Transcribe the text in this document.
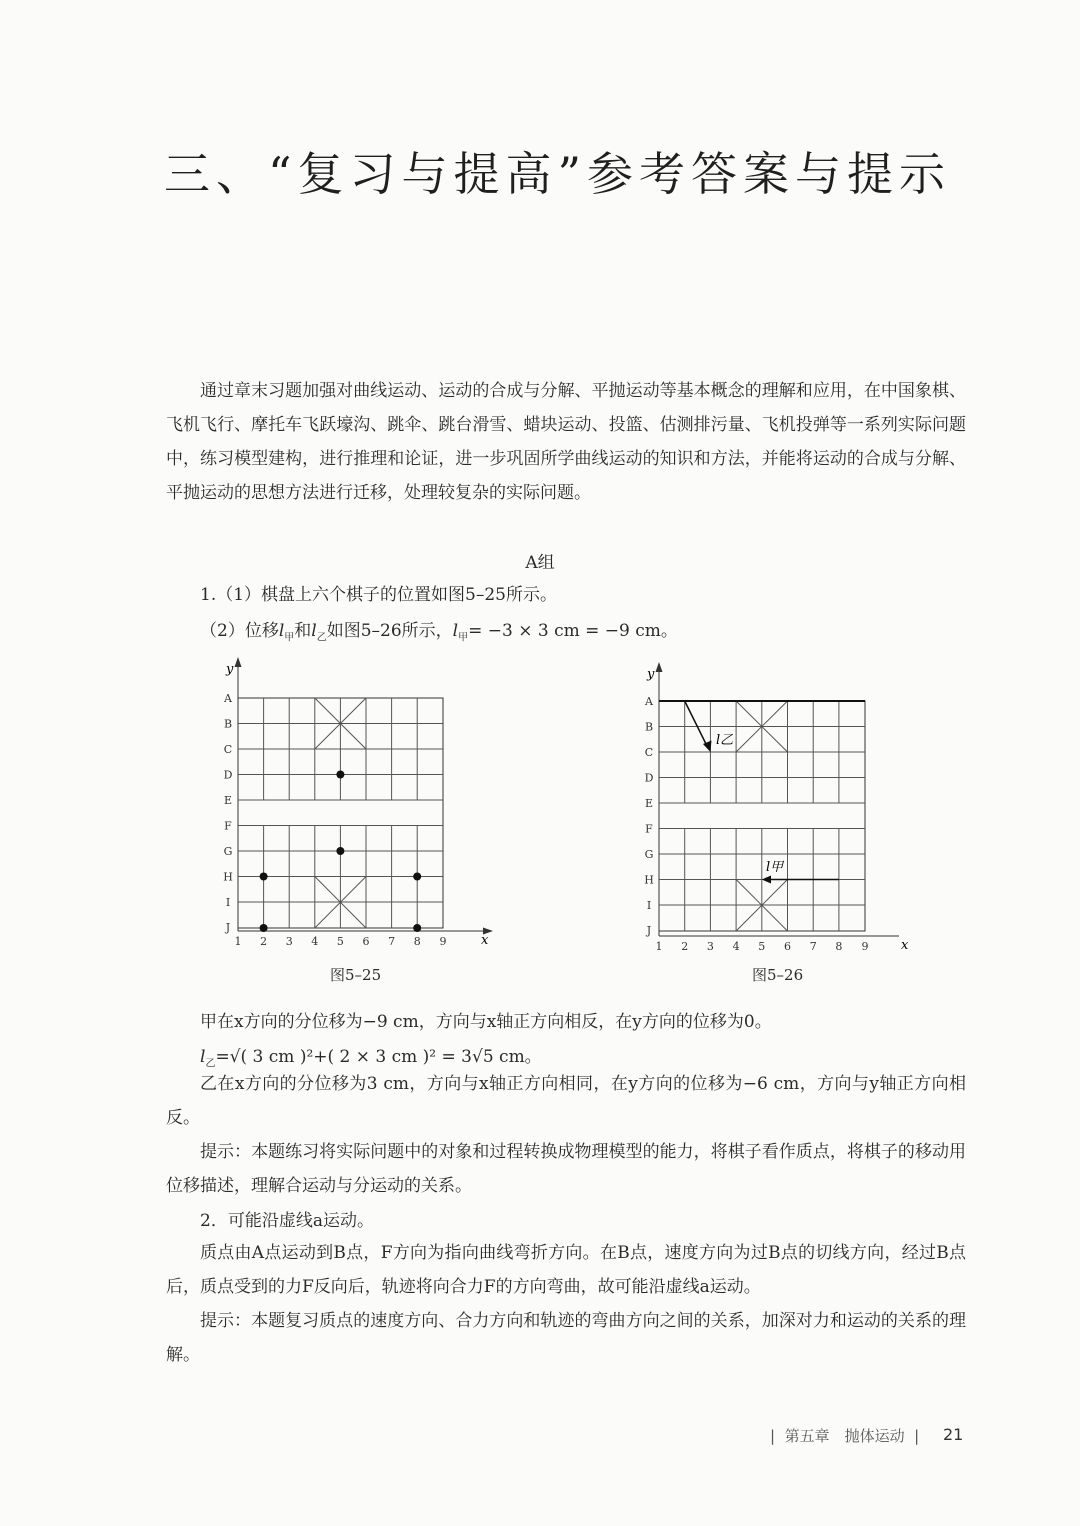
三、“复习与提高”参考答案与提示
通过章末习题加强对曲线运动、运动的合成与分解、平抛运动等基本概念的理解和应用，在中国象棋、飞机飞行、摩托车飞跃壕沟、跳伞、跳台滑雪、蜡块运动、投篮、估测排污量、飞机投弹等一系列实际问题中，练习模型建构，进行推理和论证，进一步巩固所学曲线运动的知识和方法，并能将运动的合成与分解、平抛运动的思想方法进行迁移，处理较复杂的实际问题。
A组
1.（1）棋盘上六个棋子的位置如图5–25所示。
（2）位移$l_甲$和$l_乙$如图5–26所示，$l_甲= -3 \times 3$ cm = −9 cm。
y
x
A
B
C
D
E
F
G
H
I
J
1 2 3 4 5 6 7 8 9
图5–25
y
x
l乙
l甲
A
B
C
D
E
F
G
H
I
J
1 2 3 4 5 6 7 8 9
图5–26
甲在x方向的分位移为−9 cm，方向与x轴正方向相反，在y方向的位移为0。
$l_乙=√$( 3 cm )²+( 2 × 3 cm )² = 3√5 cm。
乙在x方向的分位移为3 cm，方向与x轴正方向相同，在y方向的位移为−6 cm，方向与y轴正方向相反。
提示：本题练习将实际问题中的对象和过程转换成物理模型的能力，将棋子看作质点，将棋子的移动用位移描述，理解合运动与分运动的关系。
2．可能沿虚线a运动。
质点由A点运动到B点，F方向为指向曲线弯折方向。在B点，速度方向为过B点的切线方向，经过B点后，质点受到的力F反向后，轨迹将向合力F的方向弯曲，故可能沿虚线a运动。
提示：本题复习质点的速度方向、合力方向和轨迹的弯曲方向之间的关系，加深对力和运动的关系的理解。
|  第五章　抛体运动  | 21
